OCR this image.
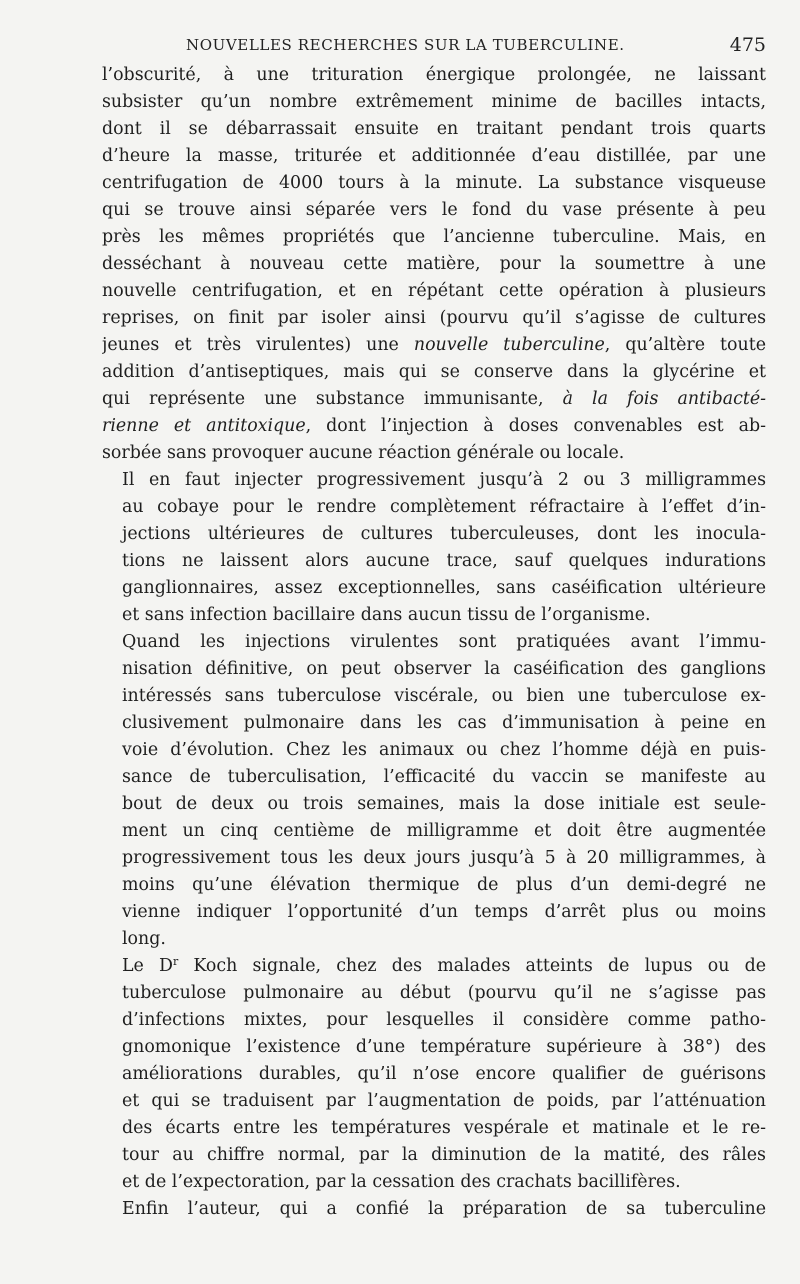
NOUVELLES RECHERCHES SUR LA TUBERCULINE.	475
l’obscurité, à une trituration énergique prolongée, ne laissant
subsister qu’un nombre extrêmement minime de bacilles intacts,
dont il se débarrassait ensuite en traitant pendant trois quarts
d’heure la masse, triturée et additionnée d’eau distillée, par une
centrifugation de 4000 tours à la minute. La substance visqueuse
qui se trouve ainsi séparée vers le fond du vase présente à peu
près les mêmes propriétés que l’ancienne tuberculine. Mais, en
desséchant à nouveau cette matière, pour la soumettre à une
nouvelle centrifugation, et en répétant cette opération à plusieurs
reprises, on finit par isoler ainsi (pourvu qu’il s’agisse de cultures
jeunes et très virulentes) une nouvelle tuberculine, qu’altère toute
addition d’antiseptiques, mais qui se conserve dans la glycérine et
qui représente une substance immunisante, à la fois antibacté-
rienne et antitoxique, dont l’injection à doses convenables est ab-
sorbée sans provoquer aucune réaction générale ou locale.
Il en faut injecter progressivement jusqu’à 2 ou 3 milligrammes
au cobaye pour le rendre complètement réfractaire à l’effet d’in-
jections ultérieures de cultures tuberculeuses, dont les inocula-
tions ne laissent alors aucune trace, sauf quelques indurations
ganglionnaires, assez exceptionnelles, sans caséification ultérieure
et sans infection bacillaire dans aucun tissu de l’organisme.
Quand les injections virulentes sont pratiquées avant l’immu-
nisation définitive, on peut observer la caséification des ganglions
intéressés sans tuberculose viscérale, ou bien une tuberculose ex-
clusivement pulmonaire dans les cas d’immunisation à peine en
voie d’évolution. Chez les animaux ou chez l’homme déjà en puis-
sance de tuberculisation, l’efficacité du vaccin se manifeste au
bout de deux ou trois semaines, mais la dose initiale est seule-
ment un cinq centième de milligramme et doit être augmentée
progressivement tous les deux jours jusqu’à 5 à 20 milligrammes, à
moins qu’une élévation thermique de plus d’un demi-degré ne
vienne indiquer l’opportunité d’un temps d’arrêt plus ou moins
long.
Le $D^r$ Koch signale, chez des malades atteints de lupus ou de
tuberculose pulmonaire au début (pourvu qu’il ne s’agisse pas
d’infections mixtes, pour lesquelles il considère comme patho-
gnomonique l’existence d’une température supérieure à 38°) des
améliorations durables, qu’il n’ose encore qualifier de guérisons
et qui se traduisent par l’augmentation de poids, par l’atténuation
des écarts entre les températures vespérale et matinale et le re-
tour au chiffre normal, par la diminution de la matité, des râles
et de l’expectoration, par la cessation des crachats bacillifères.
Enfin l’auteur, qui a confié la préparation de sa tuberculine
